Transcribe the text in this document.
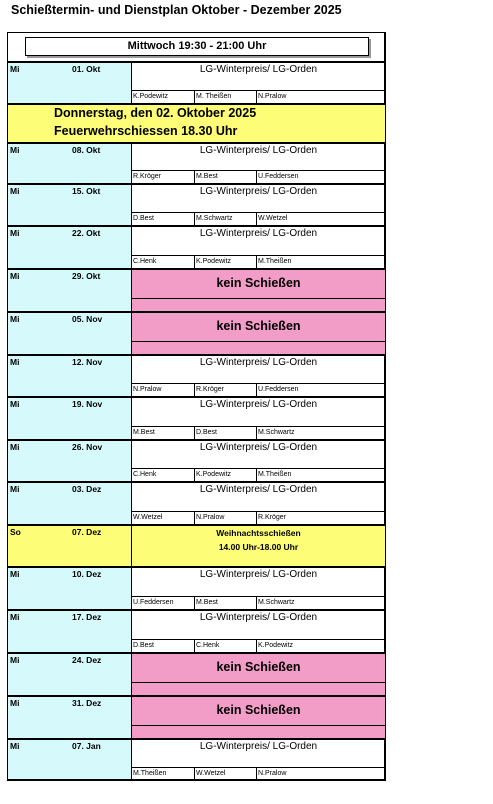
Schießtermin- und Dienstplan Oktober - Dezember 2025
Mittwoch 19:30 - 21:00 Uhr
Mi	01. Okt	LG-Winterpreis/ LG-Orden
K.Podewitz	M. Theißen	N.Pralow
Donnerstag, den 02. Oktober 2025
Feuerwehrschiessen 18.30 Uhr
Mi	08. Okt	LG-Winterpreis/ LG-Orden
R.Kröger	M.Best	U.Feddersen
Mi	15. Okt	LG-Winterpreis/ LG-Orden
D.Best	M.Schwartz	W.Wetzel
Mi	22. Okt	LG-Winterpreis/ LG-Orden
C.Henk	K.Podewitz	M.Theißen
Mi	29. Okt	kein Schießen
Mi	05. Nov	kein Schießen
Mi	12. Nov	LG-Winterpreis/ LG-Orden
N.Pralow	R.Kröger	U.Feddersen
Mi	19. Nov	LG-Winterpreis/ LG-Orden
M.Best	D.Best	M.Schwartz
Mi	26. Nov	LG-Winterpreis/ LG-Orden
C.Henk	K.Podewitz	M.Theißen
Mi	03. Dez	LG-Winterpreis/ LG-Orden
W.Wetzel	N.Pralow	R.Kröger
So	07. Dez	Weihnachtsschießen
14.00 Uhr-18.00 Uhr
Mi	10. Dez	LG-Winterpreis/ LG-Orden
U.Feddersen	M.Best	M.Schwartz
Mi	17. Dez	LG-Winterpreis/ LG-Orden
D.Best	C.Henk	K.Podewitz
Mi	24. Dez	kein Schießen
Mi	31. Dez	kein Schießen
Mi	07. Jan	LG-Winterpreis/ LG-Orden
M.Theißen	W.Wetzel	N.Pralow
